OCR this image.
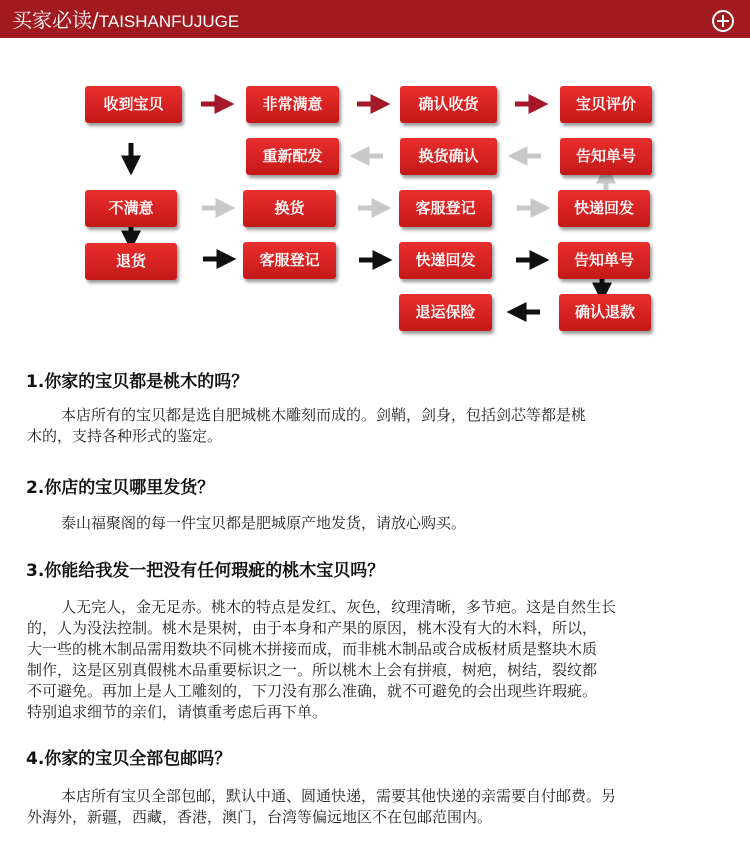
买家必读/TAISHANFUJUGE
收到宝贝	非常满意	确认收货	宝贝评价
重新配发	换货确认	告知单号
不满意	换货	客服登记	快递回发
退货	客服登记	快递回发	告知单号
退运保险	确认退款
1.你家的宝贝都是桃木的吗？
本店所有的宝贝都是选自肥城桃木雕刻而成的。剑鞘，剑身，包括剑芯等都是桃
木的，支持各种形式的鉴定。
2.你店的宝贝哪里发货？
泰山福聚阁的每一件宝贝都是肥城原产地发货，请放心购买。
3.你能给我发一把没有任何瑕疵的桃木宝贝吗？
人无完人，金无足赤。桃木的特点是发红、灰色，纹理清晰，多节疤。这是自然生长
的，人为没法控制。桃木是果树，由于本身和产果的原因，桃木没有大的木料，所以，
大一些的桃木制品需用数块不同桃木拼接而成，而非桃木制品或合成板材质是整块木质
制作，这是区别真假桃木品重要标识之一。所以桃木上会有拼痕，树疤，树结，裂纹都
不可避免。再加上是人工雕刻的，下刀没有那么准确，就不可避免的会出现些许瑕疵。
特别追求细节的亲们，请慎重考虑后再下单。
4.你家的宝贝全部包邮吗？
本店所有宝贝全部包邮，默认中通、圆通快递，需要其他快递的亲需要自付邮费。另
外海外，新疆，西藏，香港，澳门，台湾等偏远地区不在包邮范围内。
